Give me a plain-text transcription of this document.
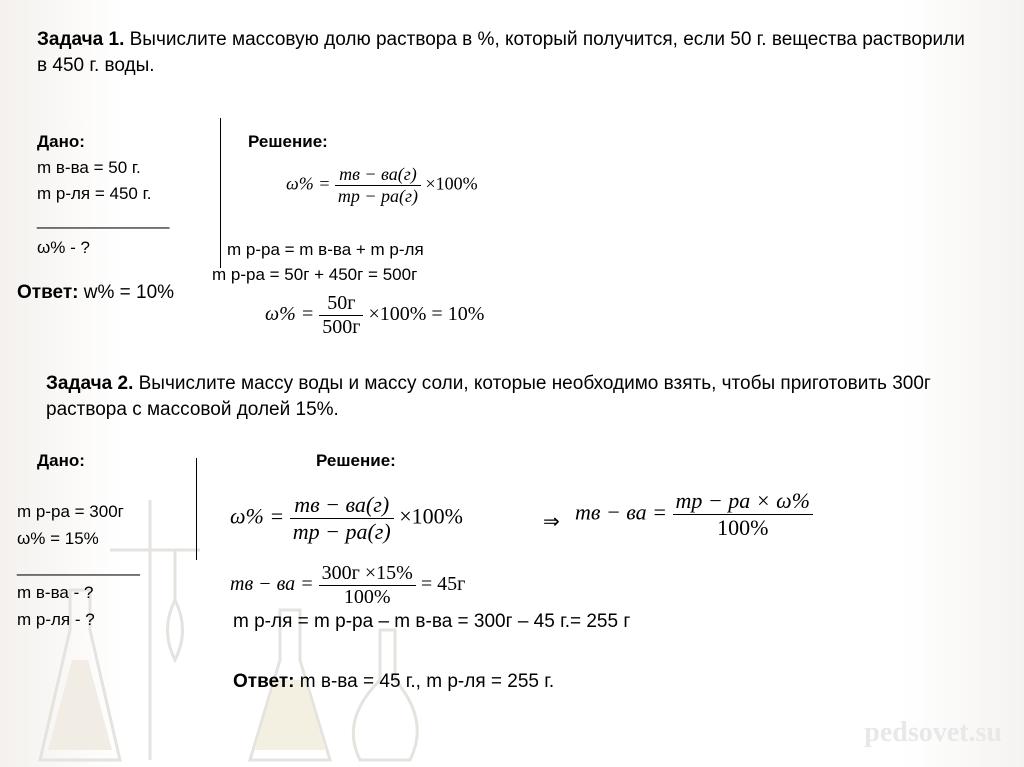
Задача 1. Вычислите массовую долю раствора в %, который получится, если 50 г. вещества растворили в 450 г. воды.
Дано:
m в-ва = 50 г.
m р-ля = 450 г.
______________
ω% - ?
Решение:
$\omega\% = \frac{mв - ва(г)}{mр - ра(г)} \times 100\%$
m р-ра = m в-ва + m р-ля
m р-ра = 50г + 450г = 500г
Ответ: w% = 10%
$\omega\% = \frac{50г}{500г} \times 100\% = 10\%$
Задача 2. Вычислите массу воды и массу соли, которые необходимо взять, чтобы приготовить 300г раствора с массовой долей 15%.
Дано:
m р-ра = 300г
ω% = 15%
_____________
m в-ва - ?
m р-ля - ?
Решение:
$\omega\% = \frac{mв - ва(г)}{mр - ра(г)} \times 100\%$	⇒ mв − ва = $\frac{mр - ра \times \omega\%}{100\%}$
mв − ва = $\frac{300г \times 15\%}{100\%} = 45г$
m р-ля = m р-ра – m в-ва = 300г – 45 г.= 255 г
Ответ: m в-ва = 45 г., m р-ля = 255 г.
pedsovet.su
